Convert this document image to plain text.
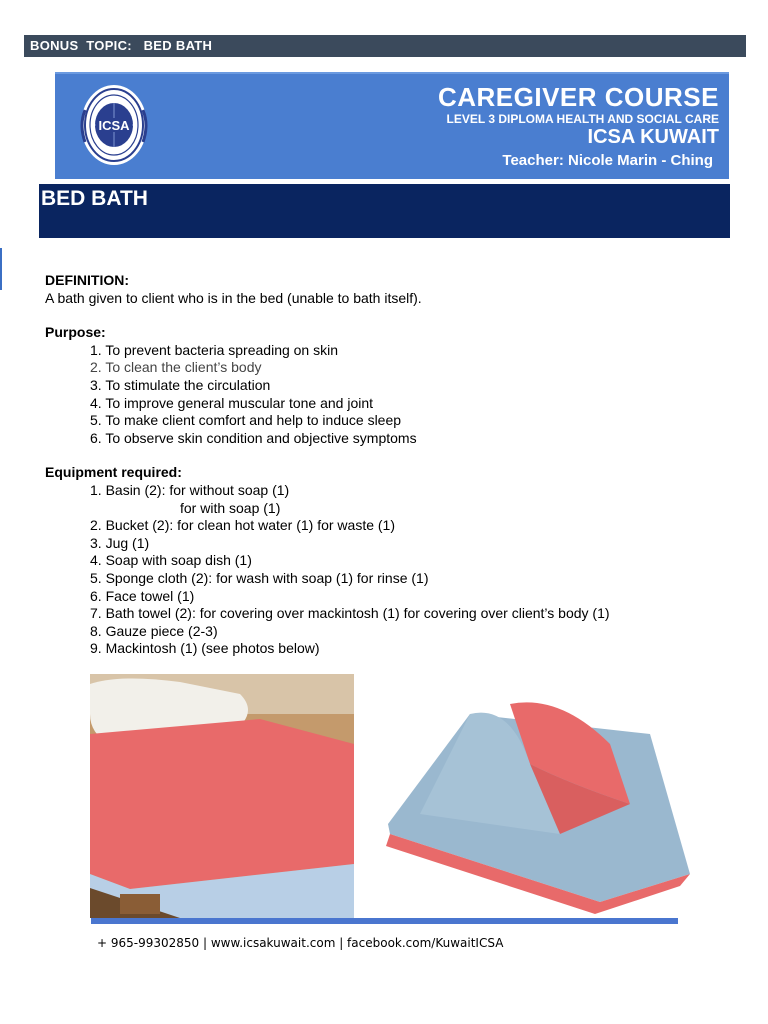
BONUS  TOPIC:   BED BATH
ICSA
CAREGIVER COURSE
LEVEL 3 DIPLOMA HEALTH AND SOCIAL CARE
ICSA KUWAIT
Teacher: Nicole Marin - Ching
BED BATH
DEFINITION:
A bath given to client who is in the bed (unable to bath itself).
Purpose:
1. To prevent bacteria spreading on skin
2. To clean the client’s body
3. To stimulate the circulation
4. To improve general muscular tone and joint
5. To make client comfort and help to induce sleep
6. To observe skin condition and objective symptoms
Equipment required:
1. Basin (2): for without soap (1)
for with soap (1)
2. Bucket (2): for clean hot water (1) for waste (1)
3. Jug (1)
4. Soap with soap dish (1)
5. Sponge cloth (2): for wash with soap (1) for rinse (1)
6. Face towel (1)
7. Bath towel (2): for covering over mackintosh (1) for covering over client’s body (1)
8. Gauze piece (2-3)
9. Mackintosh (1) (see photos below)
+ 965-99302850 | www.icsakuwait.com | facebook.com/KuwaitICSA
